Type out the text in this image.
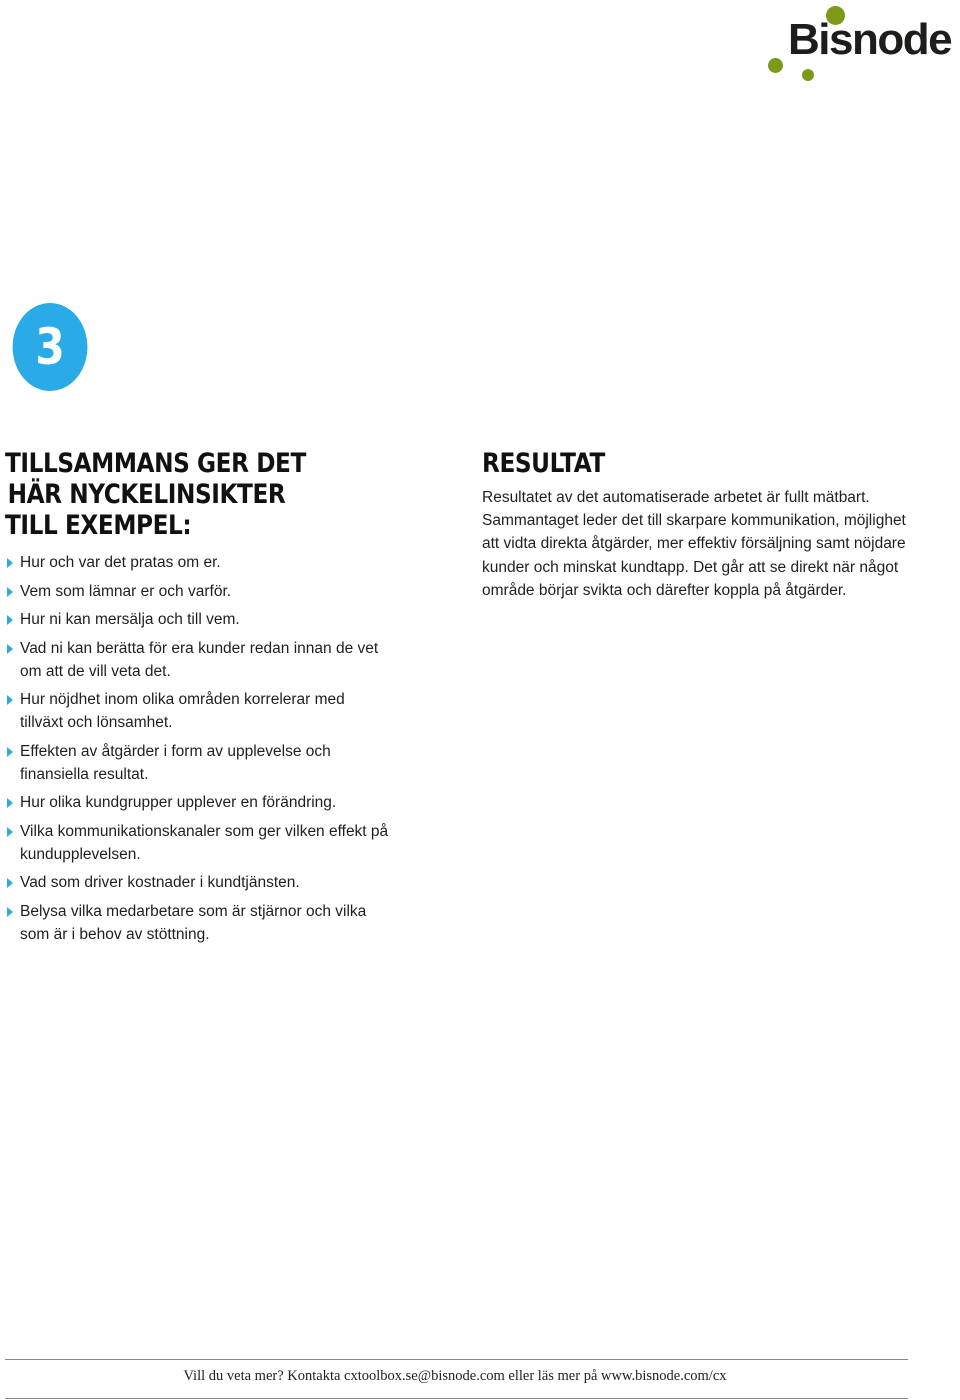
Bisnode
3
TILLSAMMANS GER DET
HÄR NYCKELINSIKTER
TILL EXEMPEL:
Hur och var det pratas om er.
Vem som lämnar er och varför.
Hur ni kan mersälja och till vem.
Vad ni kan berätta för era kunder redan innan de vet om att de vill veta det.
Hur nöjdhet inom olika områden korrelerar med tillväxt och lönsamhet.
Effekten av åtgärder i form av upplevelse och finansiella resultat.
Hur olika kundgrupper upplever en förändring.
Vilka kommunikationskanaler som ger vilken effekt på kundupplevelsen.
Vad som driver kostnader i kundtjänsten.
Belysa vilka medarbetare som är stjärnor och vilka som är i behov av stöttning.
RESULTAT

Resultatet av det automatiserade arbetet är fullt mätbart. Sammantaget leder det till skarpare kommunikation, möjlighet att vidta direkta åtgärder, mer effektiv försäljning samt nöjdare kunder och minskat kundtapp. Det går att se direkt när något område börjar svikta och därefter koppla på åtgärder.

Vill du veta mer? Kontakta cxtoolbox.se@bisnode.com eller läs mer på www.bisnode.com/cx
